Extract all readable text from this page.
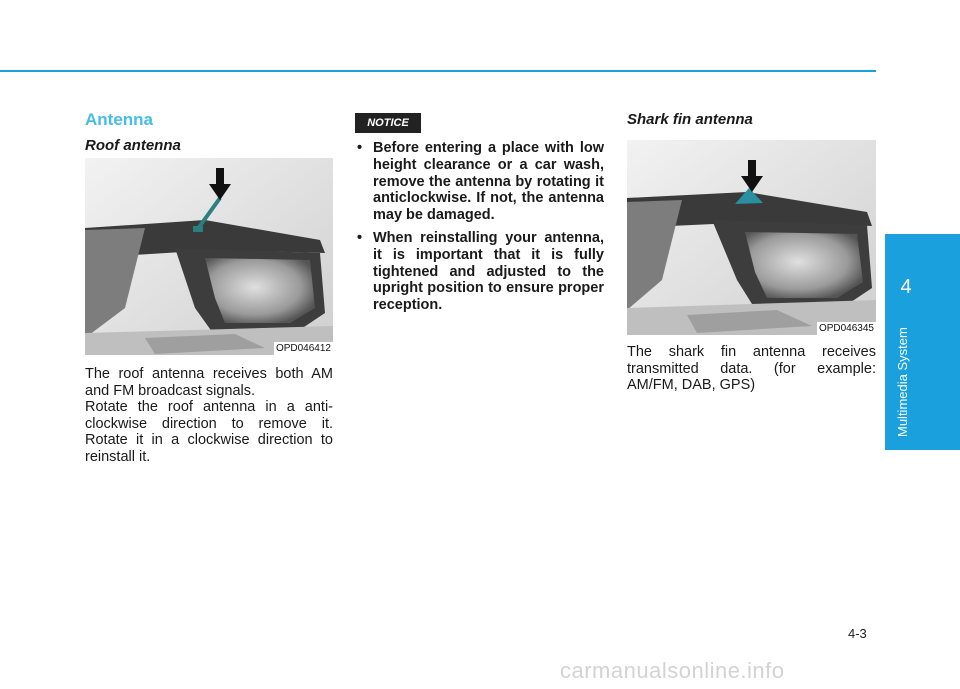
Antenna
Roof antenna
OPD046412

The roof antenna receives both AM and FM broadcast signals.

Rotate the roof antenna in a anti-clockwise direction to remove it. Rotate it in a clockwise direction to reinstall it.

NOTICE
• Before entering a place with low height clearance or a car wash, remove the antenna by rotating it anticlockwise. If not, the antenna may be damaged.
• When reinstalling your antenna, it is important that it is fully tightened and adjusted to the upright position to ensure proper reception.
Shark fin antenna
OPD046345
The shark fin antenna receives transmitted data. (for example: AM/FM, DAB, GPS)
4
Multimedia System
4-3
carmanualsonline.info
